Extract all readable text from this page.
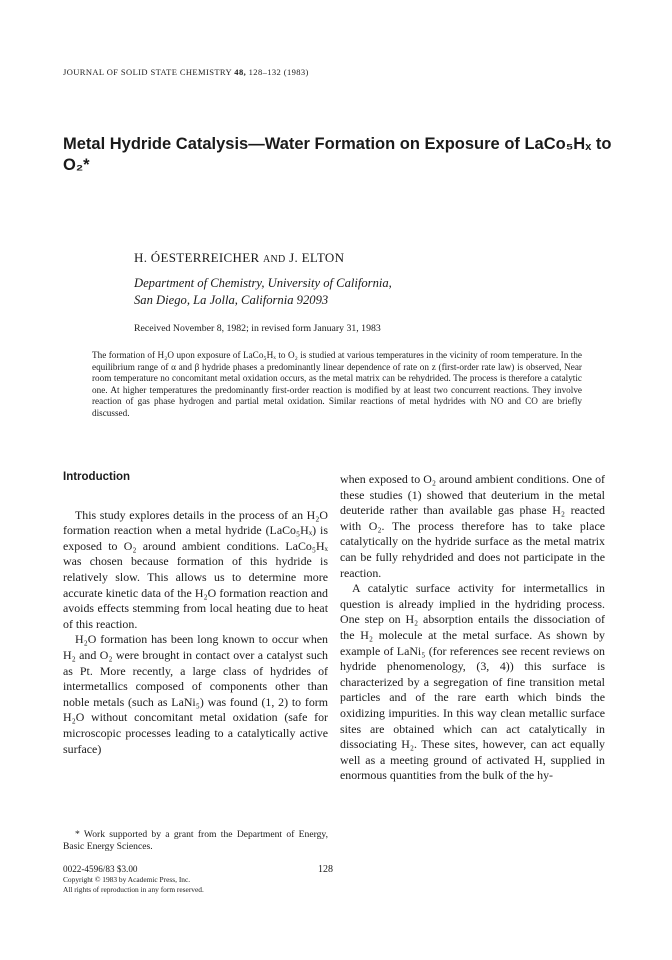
JOURNAL OF SOLID STATE CHEMISTRY 48, 128–132 (1983)
Metal Hydride Catalysis—Water Formation on Exposure of LaCo₅Hₓ to O₂*
H. ÓESTERREICHER AND J. ELTON
Department of Chemistry, University of California,
San Diego, La Jolla, California 92093
Received November 8, 1982; in revised form January 31, 1983
The formation of H₂O upon exposure of LaCo₅Hₓ to O₂ is studied at various temperatures in the vicinity of room temperature. In the equilibrium range of α and β hydride phases a predominantly linear dependence of rate on z (first-order rate law) is observed, Near room temperature no concomitant metal oxidation occurs, as the metal matrix can be rehydrided. The process is therefore a catalytic one. At higher temperatures the predominantly first-order reaction is modified by at least two concurrent reactions. They involve reaction of gas phase hydrogen and partial metal oxidation. Similar reactions of metal hydrides with NO and CO are briefly discussed.
Introduction

This study explores details in the process of an H₂O formation reaction when a metal hydride (LaCo₅Hₓ) is exposed to O₂ around ambient conditions. LaCo₅Hₓ was chosen because formation of this hydride is relatively slow. This allows us to determine more accurate kinetic data of the H₂O formation reaction and avoids effects stemming from local heating due to heat of this reaction.

H₂O formation has been long known to occur when H₂ and O₂ were brought in contact over a catalyst such as Pt. More recently, a large class of hydrides of intermetallics composed of components other than noble metals (such as LaNi₅) was found (1, 2) to form H₂O without concomitant metal oxidation (safe for microscopic processes leading to a catalytically active surface)

when exposed to O₂ around ambient conditions. One of these studies (1) showed that deuterium in the metal deuteride rather than available gas phase H₂ reacted with O₂. The process therefore has to take place catalytically on the hydride surface as the metal matrix can be fully rehydrided and does not participate in the reaction.

A catalytic surface activity for intermetallics in question is already implied in the hydriding process. One step on H₂ absorption entails the dissociation of the H₂ molecule at the metal surface. As shown by example of LaNi₅ (for references see recent reviews on hydride phenomenology, (3, 4)) this surface is characterized by a segregation of fine transition metal particles and of the rare earth which binds the oxidizing impurities. In this way clean metallic surface sites are obtained which can act catalytically in dissociating H₂. These sites, however, can act equally well as a meeting ground of activated H, supplied in enormous quantities from the bulk of the hy-

* Work supported by a grant from the Department of Energy, Basic Energy Sciences.

128
0022-4596/83 $3.00
Copyright © 1983 by Academic Press, Inc.
All rights of reproduction in any form reserved.
